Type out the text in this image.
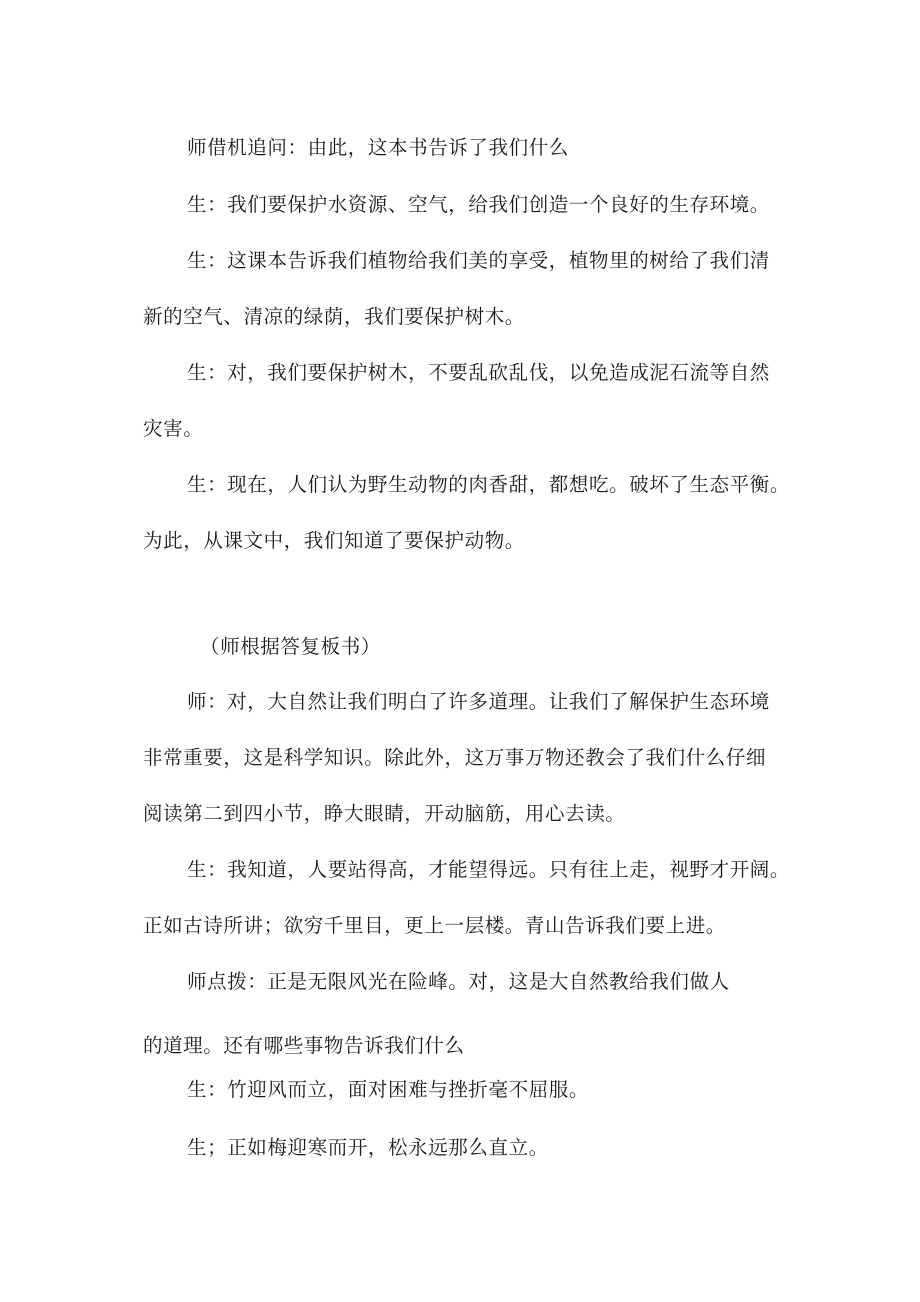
师借机追问：由此，这本书告诉了我们什么
生：我们要保护水资源、空气，给我们创造一个良好的生存环境。
生：这课本告诉我们植物给我们美的享受，植物里的树给了我们清
新的空气、清凉的绿荫，我们要保护树木。
生：对，我们要保护树木，不要乱砍乱伐，以免造成泥石流等自然
灾害。
生：现在，人们认为野生动物的肉香甜，都想吃。破坏了生态平衡。
为此，从课文中，我们知道了要保护动物。
（师根据答复板书）
师：对，大自然让我们明白了许多道理。让我们了解保护生态环境
非常重要，这是科学知识。除此外，这万事万物还教会了我们什么仔细
阅读第二到四小节，睁大眼睛，开动脑筋，用心去读。
生：我知道，人要站得高，才能望得远。只有往上走，视野才开阔。
正如古诗所讲；欲穷千里目，更上一层楼。青山告诉我们要上进。
师点拨：正是无限风光在险峰。对，这是大自然教给我们做人
的道理。还有哪些事物告诉我们什么
生：竹迎风而立，面对困难与挫折毫不屈服。
生；正如梅迎寒而开，松永远那么直立。
